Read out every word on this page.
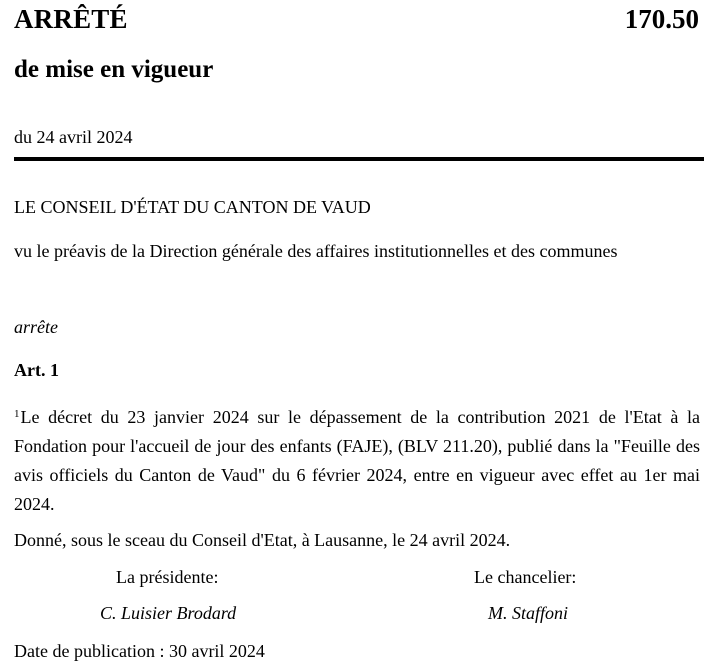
ARRÊTÉ	170.50
de mise en vigueur
du 24 avril 2024
LE CONSEIL D'ÉTAT DU CANTON DE VAUD
vu le préavis de la Direction générale des affaires institutionnelles et des communes
arrête
Art. 1
$^1$Le décret du 23 janvier 2024 sur le dépassement de la contribution 2021 de l'Etat à la Fondation pour l'accueil de jour des enfants (FAJE), (BLV 211.20), publié dans la "Feuille des avis officiels du Canton de Vaud" du 6 février 2024, entre en vigueur avec effet au 1er mai 2024.
Donné, sous le sceau du Conseil d'Etat, à Lausanne, le 24 avril 2024.
La présidente:	Le chancelier:
C. Luisier Brodard	M. Staffoni
Date de publication : 30 avril 2024
